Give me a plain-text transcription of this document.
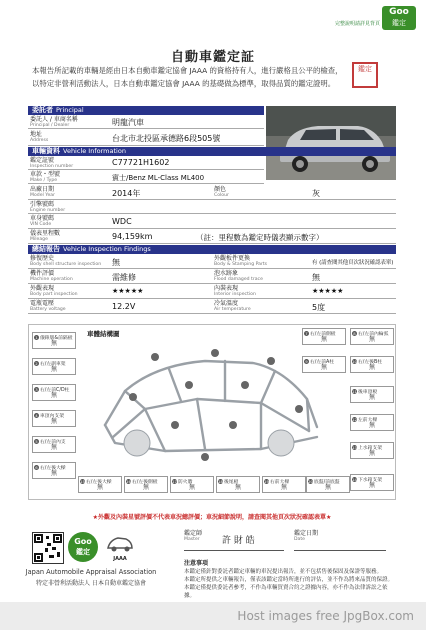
Goo
鑑定
完整說明請詳見背頁
自動車鑑定証
本報告所記載的車輛是經由日本自動車鑑定協會 JAAA 的資格持有人，進行嚴格且公平的檢查，
以特定非營利活動法人，日本自動車鑑定協會 JAAA 的基礎做為標準，取得品質的鑑定證明。
鑑定
委託者 Principal
委託人 / 車商名稱
Principal / Dealer	明龍汽車
地址
Address	台北市北投區承德路6段505號
車輛資料 Vehicle Information
鑑定証號
Inspection number	C77721H1602
車款・型號
Make / Type	賓士/Benz ML-Class ML400
出廠日期
Model Year	2014年	顏色
Colour	灰
引擎號碼
Engine number
車身號碼
VIN Code	WDC
儀表里程數
Mileage	94,159km	（註：里程數為鑑定時儀表顯示數字）
總結報告 Vehicle Inspection Findings
修復歷史
Body shell structure inspection 無	外觀板件更換
Body & Stamping Parts	有 (請查閱其他頁次狀況確認表單)
機件評價
Machine operation	需維修	泡水跡象
Flood damaged trace	無
外觀表現
Body part inspection	★★★★★	內裝表現
Interior inspection	★★★★★
電瓶電壓
Battery voltage	12.2V	冷氣溫度
Air temperature	5度
車體結構圖
1 儀錶版&前隔板
無
2 右/左副車架
無
3 右/左前C/D柱
無
4 車頂內支架
無
5 右/左前內支
無
6 右/左後大樑
無
7 右/左前側板
無
8 右/左前內輪弧
無
9 右/左前A柱
無
10右/左後B柱
無
11後車頂板
無
12左前大樑
無
13上水箱支架
無
14下水箱支架
無
15右/左後大樑
無
16右/左後側板
無
17防火牆
無
18後尾板
無
19右前大樑
無
20底盤/前底盤
無
★外觀及內裝星號評價不代表車況總評價；車況細節說明，請查閱其他頁次狀況確認表單★
Goo
鑑定
JAAA
Japan Automobile Appraisal Association
特定非營利活動法人 日本自動車鑑定協會
鑑定師
Master 許 財 皓
鑑定日期
Date
注意事項
本鑑定僅針對委託者鑑定車輛的車況提出報告，並不包括售後保固及保證等服務。
本鑑定所提供之車輛報告，僅表該鑑定當時所進行的評估，並不作為將來品質的保證。
本鑑定僅提供委託者參考，不作為車輛買賣合約之證據內容，亦不作為法律訴訟之依據。
Host images free JpgBox.com
